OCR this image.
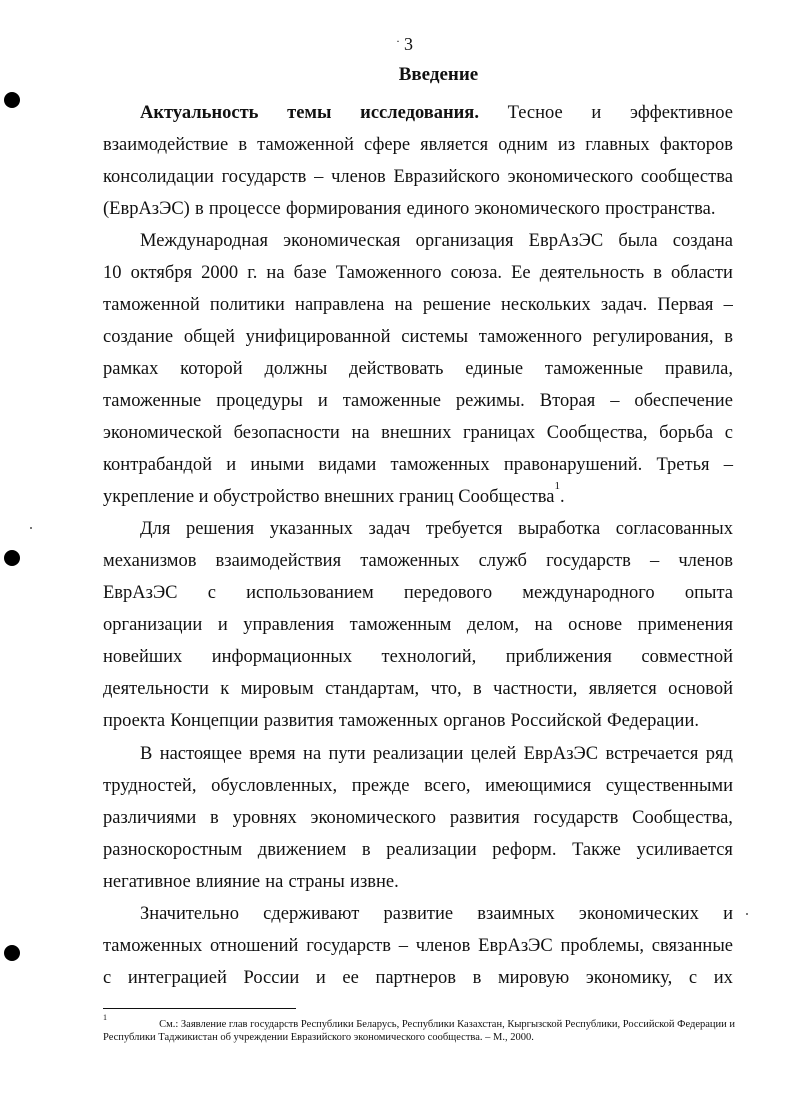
· 3
Введение
Актуальность темы исследования. Тесное и эффективное
взаимодействие в таможенной сфере является одним из главных факторов
консолидации государств – членов Евразийского экономического сообщества
(ЕврАзЭС) в процессе формирования единого экономического пространства.
Международная экономическая организация ЕврАзЭС была создана
10 октября 2000 г. на базе Таможенного союза. Ее деятельность в области
таможенной политики направлена на решение нескольких задач. Первая –
создание общей унифицированной системы таможенного регулирования, в
рамках которой должны действовать единые таможенные правила,
таможенные процедуры и таможенные режимы. Вторая – обеспечение
экономической безопасности на внешних границах Сообщества, борьба с
контрабандой и иными видами таможенных правонарушений. Третья –
укрепление и обустройство внешних границ Сообщества
1
.
Для решения указанных задач требуется выработка согласованных
механизмов взаимодействия таможенных служб государств – членов
ЕврАзЭС с использованием передового международного опыта
организации и управления таможенным делом, на основе применения
новейших информационных технологий, приближения совместной
деятельности к мировым стандартам, что, в частности, является основой
проекта Концепции развития таможенных органов Российской Федерации.
В настоящее время на пути реализации целей ЕврАзЭС встречается ряд
трудностей, обусловленных, прежде всего, имеющимися существенными
различиями в уровнях экономического развития государств Сообщества,
разноскоростным движением в реализации реформ. Также усиливается
негативное влияние на страны извне.
Значительно сдерживают развитие взаимных экономических и
таможенных отношений государств – членов ЕврАзЭС проблемы, связанные
с интеграцией России и ее партнеров в мировую экономику, с их
1
См.: Заявление глав государств Республики Беларусь, Республики Казахстан, Кыргызской Республики, Российской Федерации и
Республики Таджикистан об учреждении Евразийского экономического сообщества. – М., 2000.
